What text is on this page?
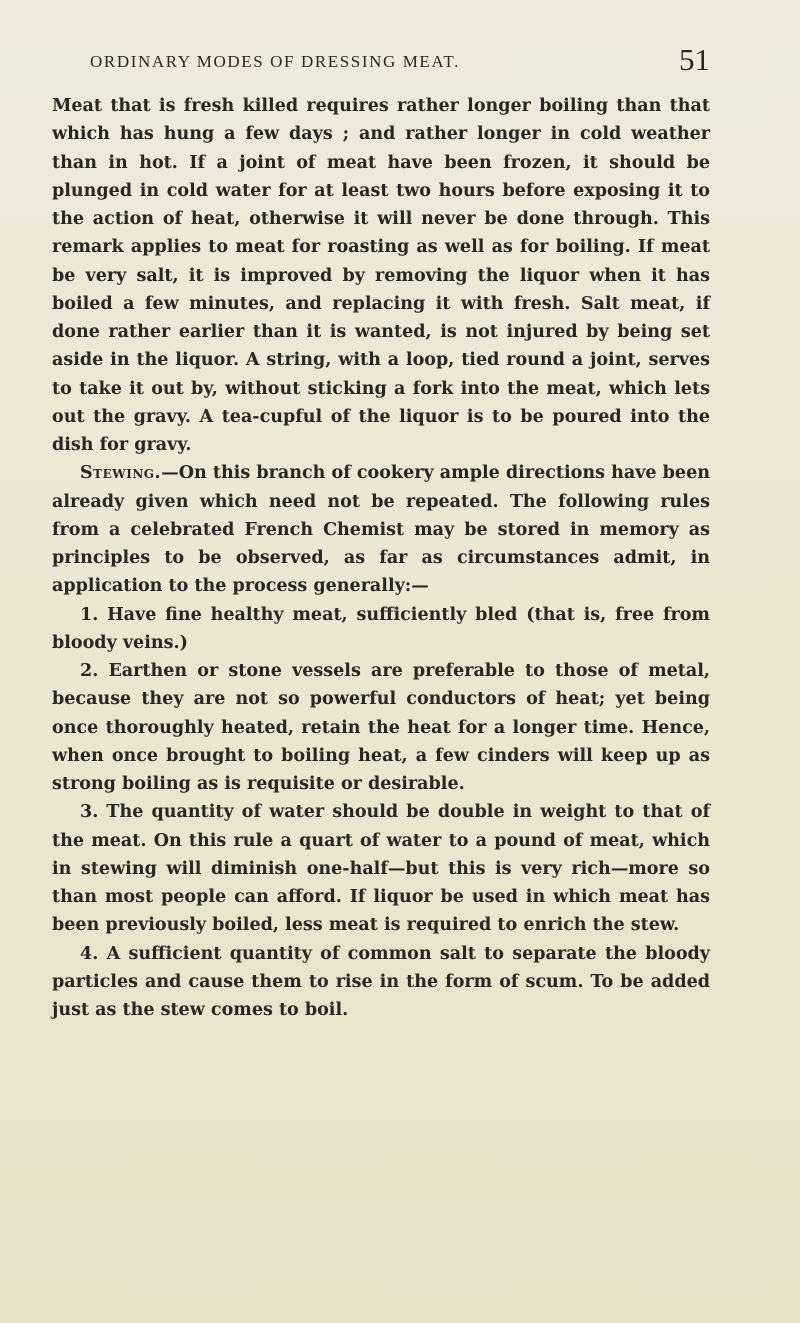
ORDINARY MODES OF DRESSING MEAT.	51

Meat that is fresh killed requires rather longer boiling than that which has hung a few days ; and rather longer in cold weather than in hot. If a joint of meat have been frozen, it should be plunged in cold water for at least two hours before exposing it to the action of heat, otherwise it will never be done through. This remark applies to meat for roasting as well as for boiling. If meat be very salt, it is improved by removing the liquor when it has boiled a few minutes, and replacing it with fresh. Salt meat, if done rather earlier than it is wanted, is not injured by being set aside in the liquor. A string, with a loop, tied round a joint, serves to take it out by, without sticking a fork into the meat, which lets out the gravy. A tea-cupful of the liquor is to be poured into the dish for gravy.

Stewing.—On this branch of cookery ample directions have been already given which need not be repeated. The following rules from a celebrated French Chemist may be stored in memory as principles to be observed, as far as circumstances admit, in application to the process generally:—

1. Have fine healthy meat, sufficiently bled (that is, free from bloody veins.)

2. Earthen or stone vessels are preferable to those of metal, because they are not so powerful conductors of heat; yet being once thoroughly heated, retain the heat for a longer time. Hence, when once brought to boiling heat, a few cinders will keep up as strong boiling as is requisite or desirable.

3. The quantity of water should be double in weight to that of the meat. On this rule a quart of water to a pound of meat, which in stewing will diminish one-half—but this is very rich—more so than most people can afford. If liquor be used in which meat has been previously boiled, less meat is required to enrich the stew.

4. A sufficient quantity of common salt to separate the bloody particles and cause them to rise in the form of scum. To be added just as the stew comes to boil.
